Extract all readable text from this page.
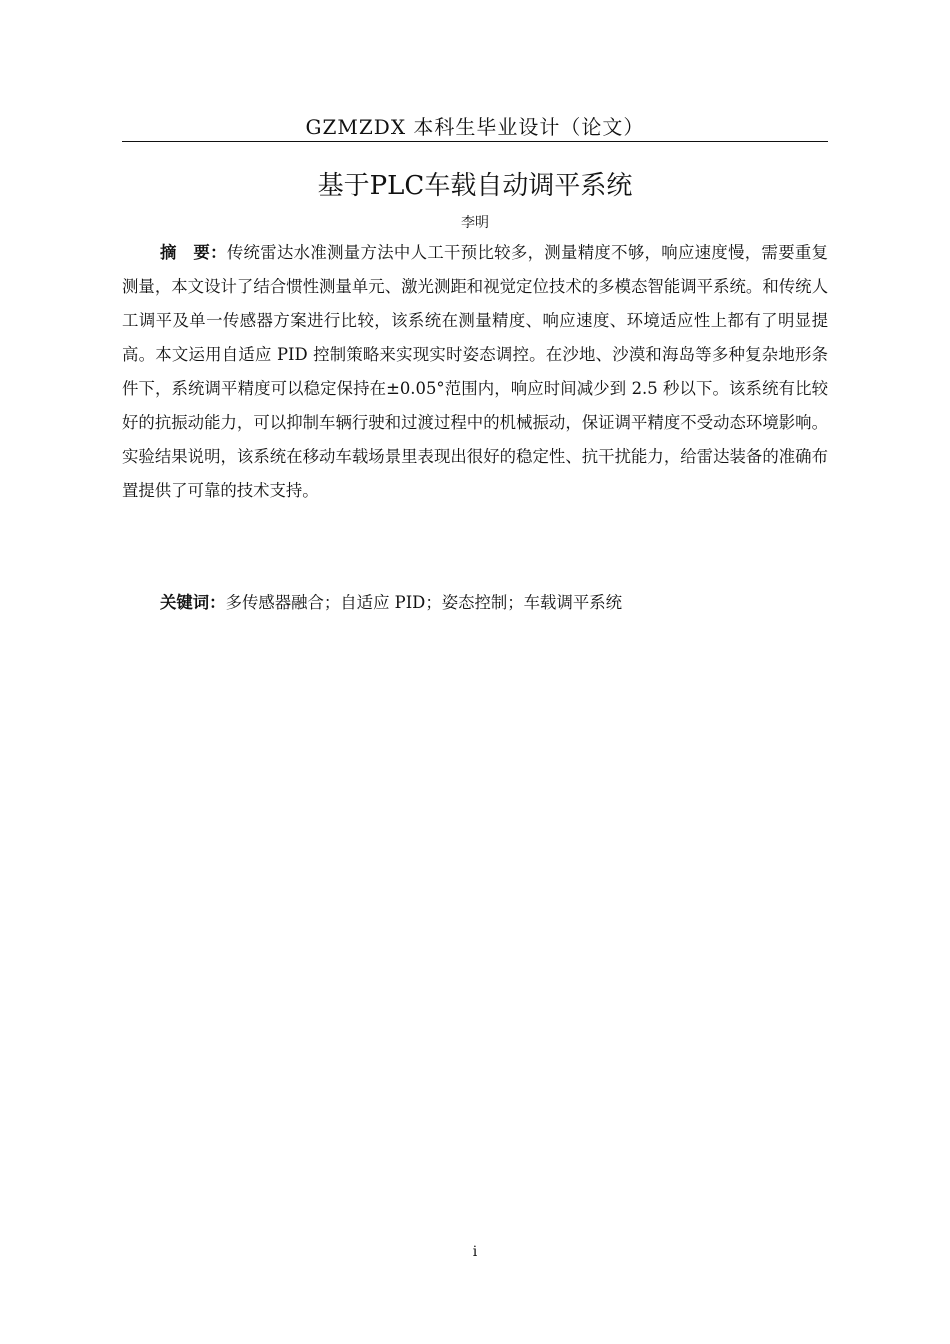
GZMZDX 本科生毕业设计（论文）
基于PLC车载自动调平系统
李明

摘　要：传统雷达水准测量方法中人工干预比较多，测量精度不够，响应速度慢，需要重复测量，本文设计了结合惯性测量单元、激光测距和视觉定位技术的多模态智能调平系统。和传统人工调平及单一传感器方案进行比较，该系统在测量精度、响应速度、环境适应性上都有了明显提高。本文运用自适应 PID 控制策略来实现实时姿态调控。在沙地、沙漠和海岛等多种复杂地形条件下，系统调平精度可以稳定保持在±0.05°范围内，响应时间减少到 2.5 秒以下。该系统有比较好的抗振动能力，可以抑制车辆行驶和过渡过程中的机械振动，保证调平精度不受动态环境影响。实验结果说明，该系统在移动车载场景里表现出很好的稳定性、抗干扰能力，给雷达装备的准确布置提供了可靠的技术支持。

关键词：多传感器融合；自适应 PID；姿态控制；车载调平系统

i
